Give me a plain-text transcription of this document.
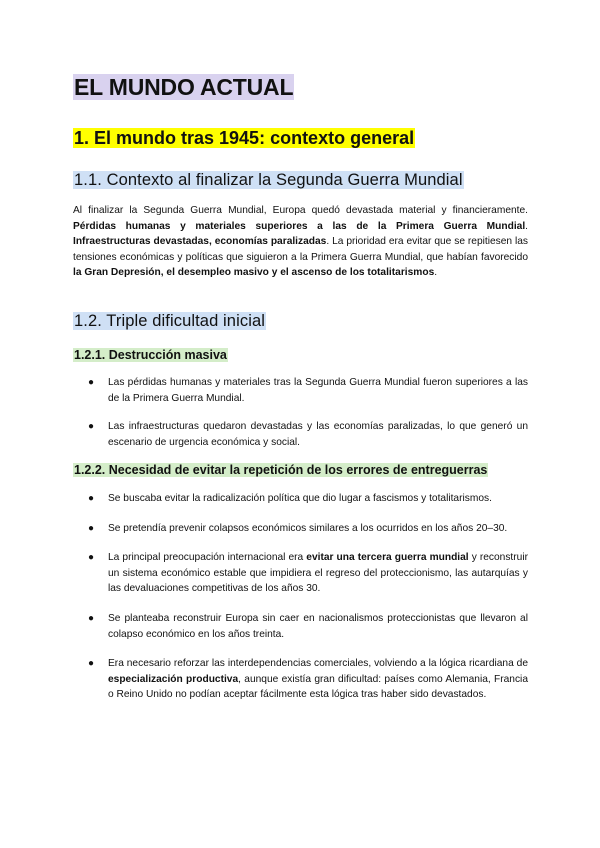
EL MUNDO ACTUAL
1. El mundo tras 1945: contexto general
1.1. Contexto al finalizar la Segunda Guerra Mundial

Al finalizar la Segunda Guerra Mundial, Europa quedó devastada material y financieramente. Pérdidas humanas y materiales superiores a las de la Primera Guerra Mundial. Infraestructuras devastadas, economías paralizadas. La prioridad era evitar que se repitiesen las tensiones económicas y políticas que siguieron a la Primera Guerra Mundial, que habían favorecido la Gran Depresión, el desempleo masivo y el ascenso de los totalitarismos.

1.2. Triple dificultad inicial
1.2.1. Destrucción masiva
● Las pérdidas humanas y materiales tras la Segunda Guerra Mundial fueron superiores a las de la Primera Guerra Mundial.
● Las infraestructuras quedaron devastadas y las economías paralizadas, lo que generó un escenario de urgencia económica y social.
1.2.2. Necesidad de evitar la repetición de los errores de entreguerras
● Se buscaba evitar la radicalización política que dio lugar a fascismos y totalitarismos.
● Se pretendía prevenir colapsos económicos similares a los ocurridos en los años 20–30.
● La principal preocupación internacional era evitar una tercera guerra mundial y reconstruir un sistema económico estable que impidiera el regreso del proteccionismo, las autarquías y las devaluaciones competitivas de los años 30.
● Se planteaba reconstruir Europa sin caer en nacionalismos proteccionistas que llevaron al colapso económico en los años treinta.
● Era necesario reforzar las interdependencias comerciales, volviendo a la lógica ricardiana de especialización productiva, aunque existía gran dificultad: países como Alemania, Francia o Reino Unido no podían aceptar fácilmente esta lógica tras haber sido devastados.
